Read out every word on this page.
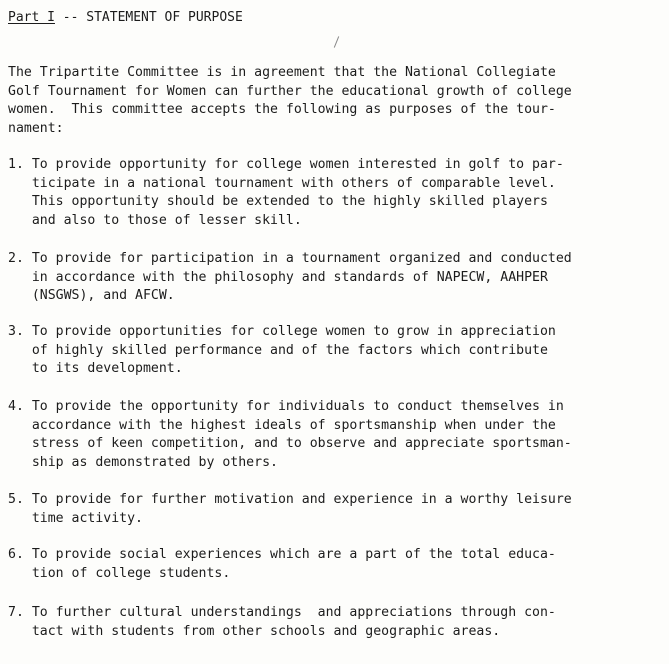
Part I -- STATEMENT OF PURPOSE

The Tripartite Committee is in agreement that the National Collegiate
Golf Tournament for Women can further the educational growth of college
women.  This committee accepts the following as purposes of the tour-
nament:

1. To provide opportunity for college women interested in golf to par-
ticipate in a national tournament with others of comparable level.
This opportunity should be extended to the highly skilled players
and also to those of lesser skill.

2. To provide for participation in a tournament organized and conducted
in accordance with the philosophy and standards of NAPECW, AAHPER
(NSGWS), and AFCW.

3. To provide opportunities for college women to grow in appreciation
of highly skilled performance and of the factors which contribute
to its development.

4. To provide the opportunity for individuals to conduct themselves in
accordance with the highest ideals of sportsmanship when under the
stress of keen competition, and to observe and appreciate sportsman-
ship as demonstrated by others.

5. To provide for further motivation and experience in a worthy leisure
time activity.

6. To provide social experiences which are a part of the total educa-
tion of college students.

7. To further cultural understandings  and appreciations through con-
tact with students from other schools and geographic areas.
